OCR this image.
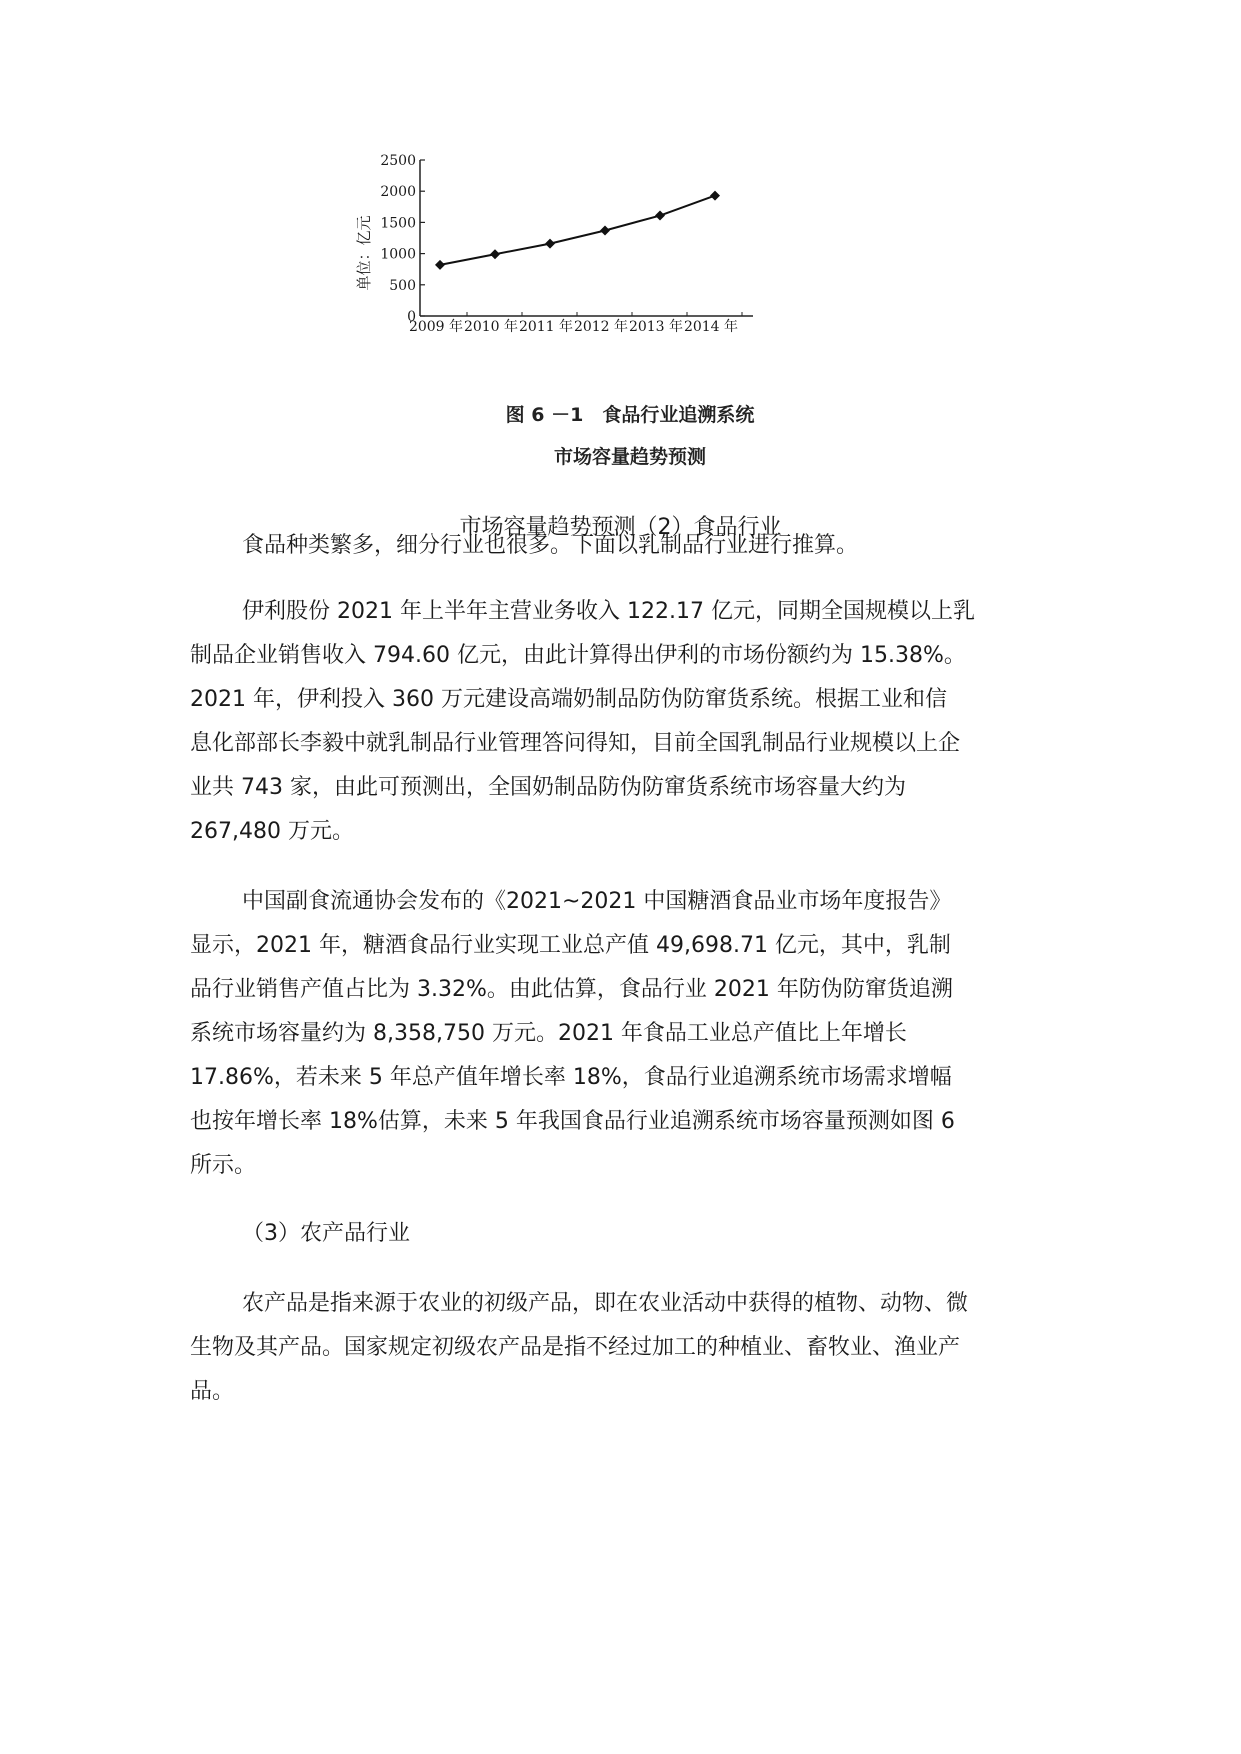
0
500
1000
1500
2000
2500
2009 年 2010 年 2011 年 2012 年 2013 年 2014 年
单位：亿元
图 6 －1　食品行业追溯系统
市场容量趋势预测
市场容量趋势预测（2）食品行业
食品种类繁多，细分行业也很多。下面以乳制品行业进行推算。
伊利股份 2021 年上半年主营业务收入 122.17 亿元，同期全国规模以上乳
制品企业销售收入 794.60 亿元，由此计算得出伊利的市场份额约为 15.38%。
2021 年，伊利投入 360 万元建设高端奶制品防伪防窜货系统。根据工业和信
息化部部长李毅中就乳制品行业管理答问得知，目前全国乳制品行业规模以上企
业共 743 家，由此可预测出，全国奶制品防伪防窜货系统市场容量大约为
267,480 万元。
中国副食流通协会发布的《2021~2021 中国糖酒食品业市场年度报告》
显示，2021 年，糖酒食品行业实现工业总产值 49,698.71 亿元，其中，乳制
品行业销售产值占比为 3.32%。由此估算，食品行业 2021 年防伪防窜货追溯
系统市场容量约为 8,358,750 万元。2021 年食品工业总产值比上年增长
17.86%，若未来 5 年总产值年增长率 18%，食品行业追溯系统市场需求增幅
也按年增长率 18%估算，未来 5 年我国食品行业追溯系统市场容量预测如图 6
所示。
（3）农产品行业
农产品是指来源于农业的初级产品，即在农业活动中获得的植物、动物、微
生物及其产品。国家规定初级农产品是指不经过加工的种植业、畜牧业、渔业产
品。
